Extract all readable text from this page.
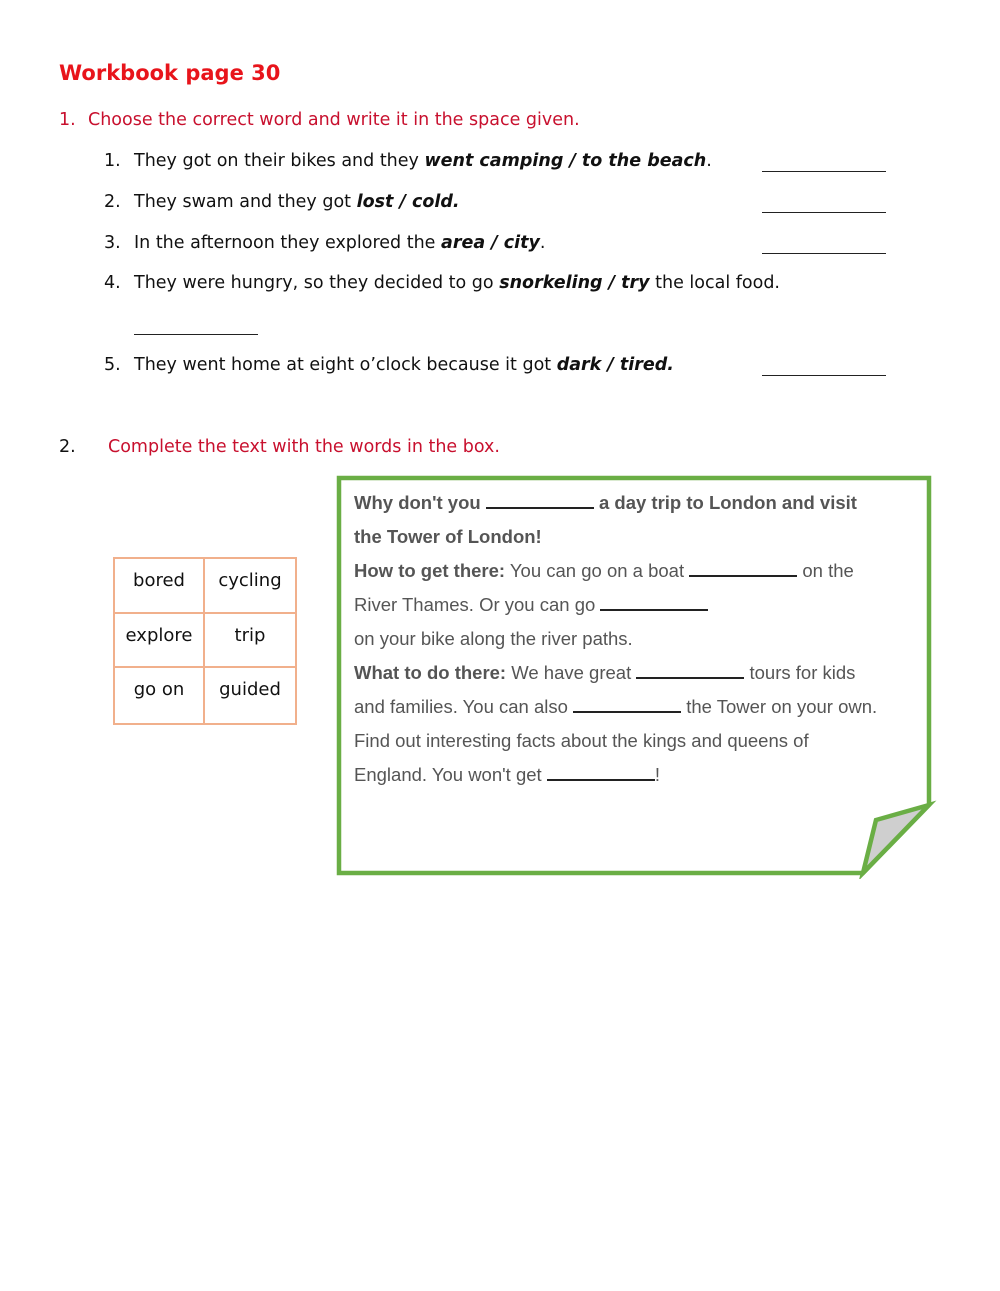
Workbook page 30
1. Choose the correct word and write it in the space given.
1. They got on their bikes and they went camping / to the beach.
2. They swam and they got lost / cold.
3. In the afternoon they explored the area / city.
4. They were hungry, so they decided to go snorkeling / try the local food.
5. They went home at eight o’clock because it got dark / tired.
2. Complete the text with the words in the box.
bored	cycling
explore	trip
go on	guided

Why don't you	a day trip to London and visit

the Tower of London!

How to get there: You can go on a boat	on the

River Thames. Or you can go

on your bike along the river paths.

What to do there: We have great	tours for kids

and families. You can also	the Tower on your own.

Find out interesting facts about the kings and queens of

England. You won't get	!
